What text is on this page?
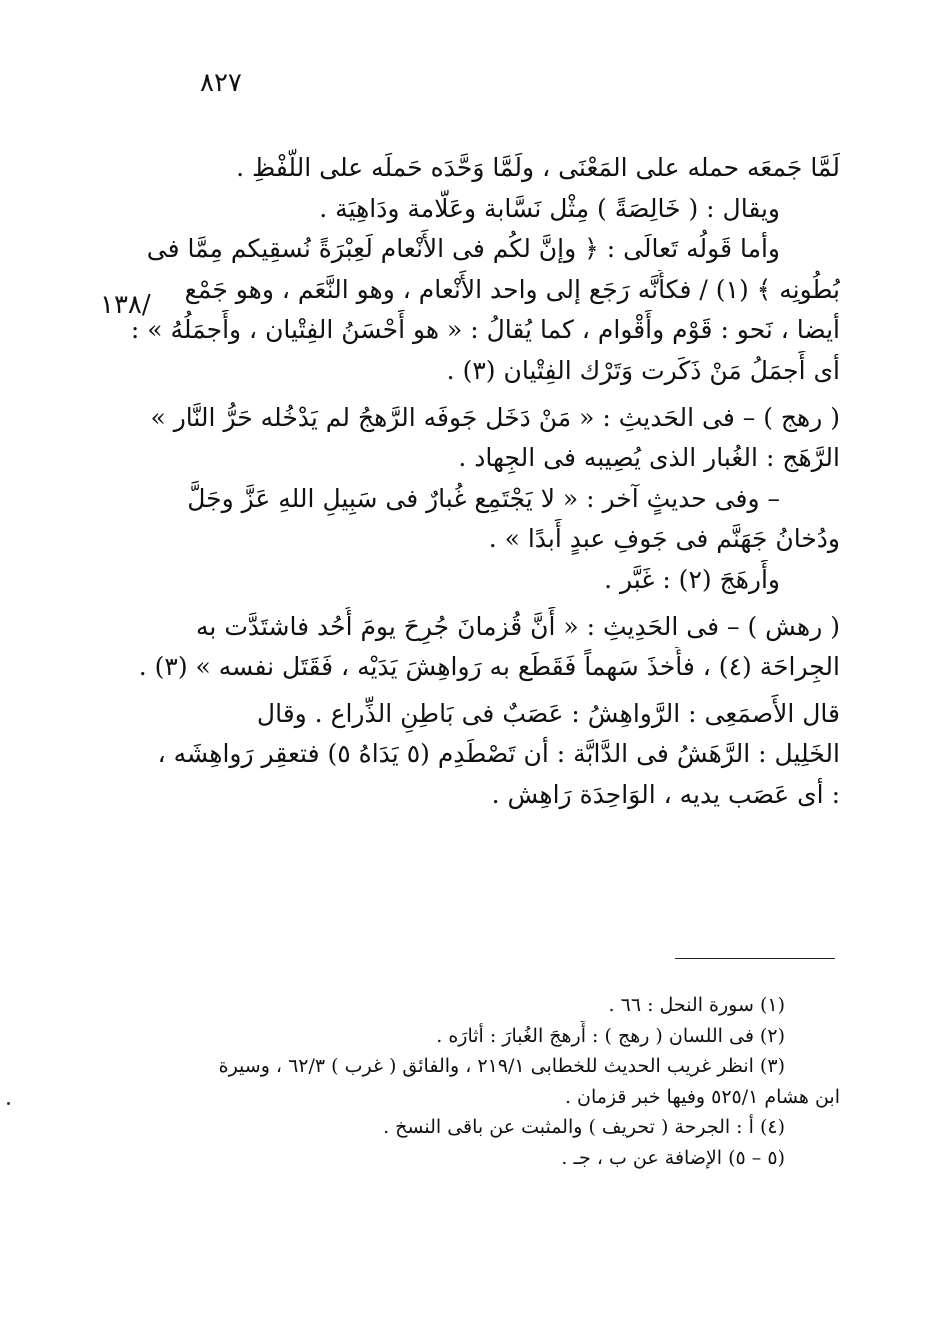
٨٢٧
١٣٨/

لَمَّا جَمعَه حمله على المَعْنَى ، ولَمَّا وَحَّدَه حَملَه على اللَّفْظِ .

ويقال : ( خَالِصَةً ) مِثْل نَسَّابة وعَلَّامة ودَاهِيَة .

وأما قَولُه تَعالَى : ﴿ وإنَّ لكُم فى الأَنْعام لَعِبْرَةً نُسقِيكم مِمَّا فى

بُطُونِه ﴾ (١) / فكأَنَّه رَجَع إلى واحد الأَنْعام ، وهو النَّعَم ، وهو جَمْع

أيضا ، نَحو : قَوْم وأَقْوام ، كما يُقالُ : « هو أَحْسَنُ الفِتْيان ، وأَجمَلُهُ » :

أى أَجمَلُ مَنْ ذَكَرت وَتَرْك الفِتْيان (٣) .

( رهج ) – فى الحَديثِ : « مَنْ دَخَل جَوفَه الرَّهجُ لم يَدْخُله حَرُّ النَّار »

الرَّهَج : الغُبار الذى يُصِيبه فى الجِهاد .

– وفى حديثٍ آخر : « لا يَجْتَمِع غُبارٌ فى سَبِيلِ اللهِ عَزَّ وجَلَّ

ودُخانُ جَهَنَّم فى جَوفِ عبدٍ أَبدًا » .

وأَرهَجَ (٢) : غَبَّر .

( رهش ) – فى الحَدِيثِ : « أَنَّ قُزمانَ جُرِحَ يومَ أُحُد فاشتَدَّت به

الجِراحَة (٤) ، فأَخذَ سَهماً فَقَطَع به رَواهِشَ يَدَيْه ، فَقَتَل نفسه » (٣) .

قال الأَصمَعِى : الرَّواهِشُ : عَصَبٌ فى بَاطِنِ الذِّراع . وقال

الخَلِيل : الرَّهَشُ فى الدَّابَّة : أن تَصْطَدِم (٥ يَدَاهُ ٥) فتعقِر رَواهِشَه ،

: أى عَصَب يديه ، الوَاحِدَة رَاهِش .

(١) سورة النحل : ٦٦ .

(٢) فى اللسان ( رهج ) : أَرهجَ الغُبارَ : أثارَه .

(٣) انظر غريب الحديث للخطابى ٢١٩/١ ، والفائق ( غرب ) ٦٢/٣ ، وسيرة

ابن هشام ٥٢٥/١ وفيها خبر قزمان .

(٤) أ : الجرحة ( تحريف ) والمثبت عن باقى النسخ .

(٥ – ٥) الإضافة عن ب ، جـ .
